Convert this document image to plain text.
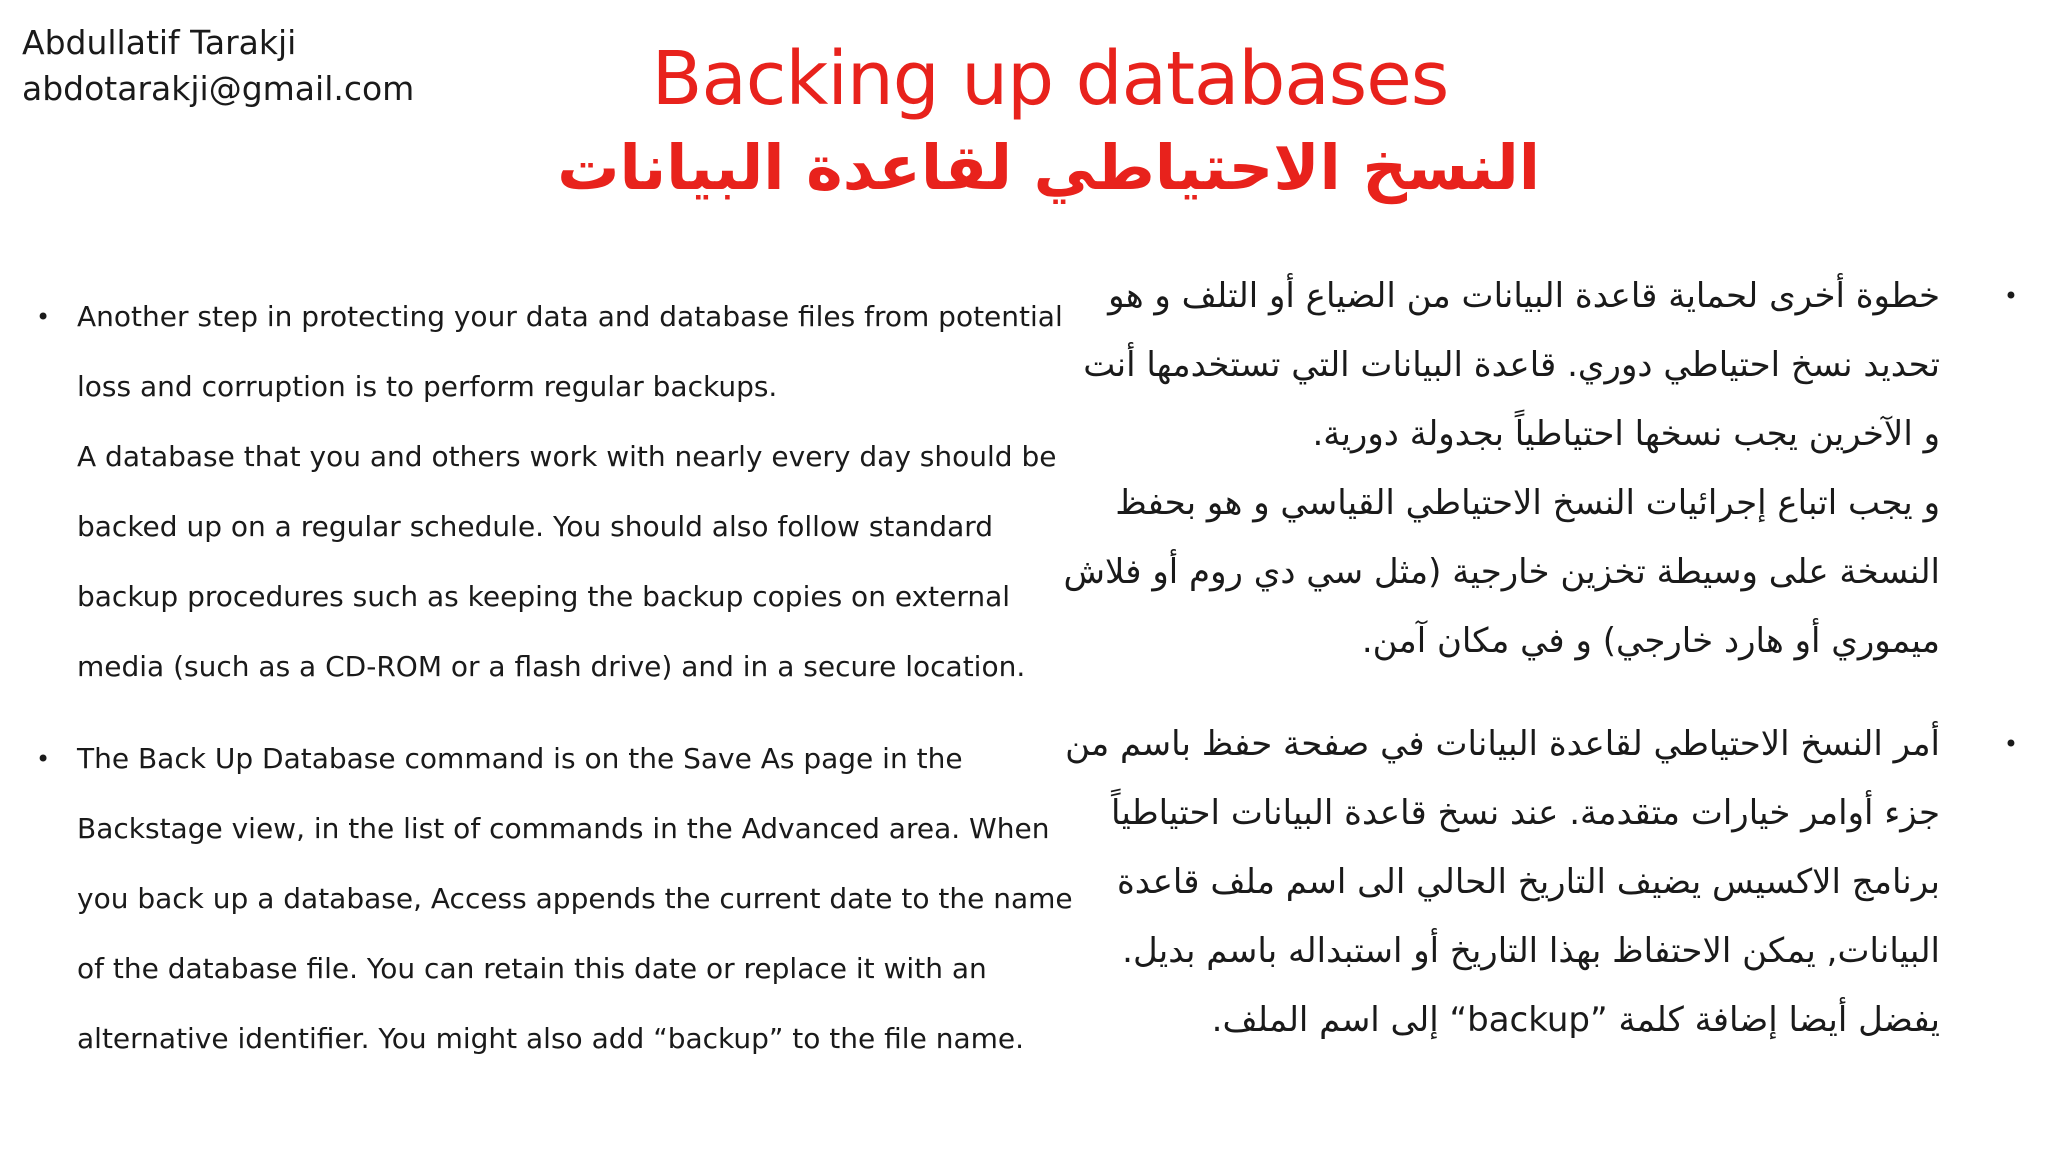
Abdullatif Tarakji
abdotarakji@gmail.com	Backing up databases
النسخ الاحتياطي لقاعدة البيانات
• Another step in protecting your data and database files from potential
loss and corruption is to perform regular backups.
A database that you and others work with nearly every day should be
backed up on a regular schedule. You should also follow standard
backup procedures such as keeping the backup copies on external
media (such as a CD-ROM or a flash drive) and in a secure location.
• The Back Up Database command is on the Save As page in the
Backstage view, in the list of commands in the Advanced area. When
you back up a database, Access appends the current date to the name
of the database file. You can retain this date or replace it with an
alternative identifier. You might also add “backup” to the file name.
•
خطوة أخرى لحماية قاعدة البيانات من الضياع أو التلف و هو
تحديد نسخ احتياطي دوري. قاعدة البيانات التي تستخدمها أنت
و الآخرين يجب نسخها احتياطياً بجدولة دورية.
و يجب اتباع إجرائيات النسخ الاحتياطي القياسي و هو بحفظ
النسخة على وسيطة تخزين خارجية (مثل سي دي روم أو فلاش
ميموري أو هارد خارجي) و في مكان آمن.
•
أمر النسخ الاحتياطي لقاعدة البيانات في صفحة حفظ باسم من
جزء أوامر خيارات متقدمة. عند نسخ قاعدة البيانات احتياطياً
برنامج الاكسيس يضيف التاريخ الحالي الى اسم ملف قاعدة
البيانات, يمكن الاحتفاظ بهذا التاريخ أو استبداله باسم بديل.
يفضل أيضا إضافة كلمة ”backup“ إلى اسم الملف.
